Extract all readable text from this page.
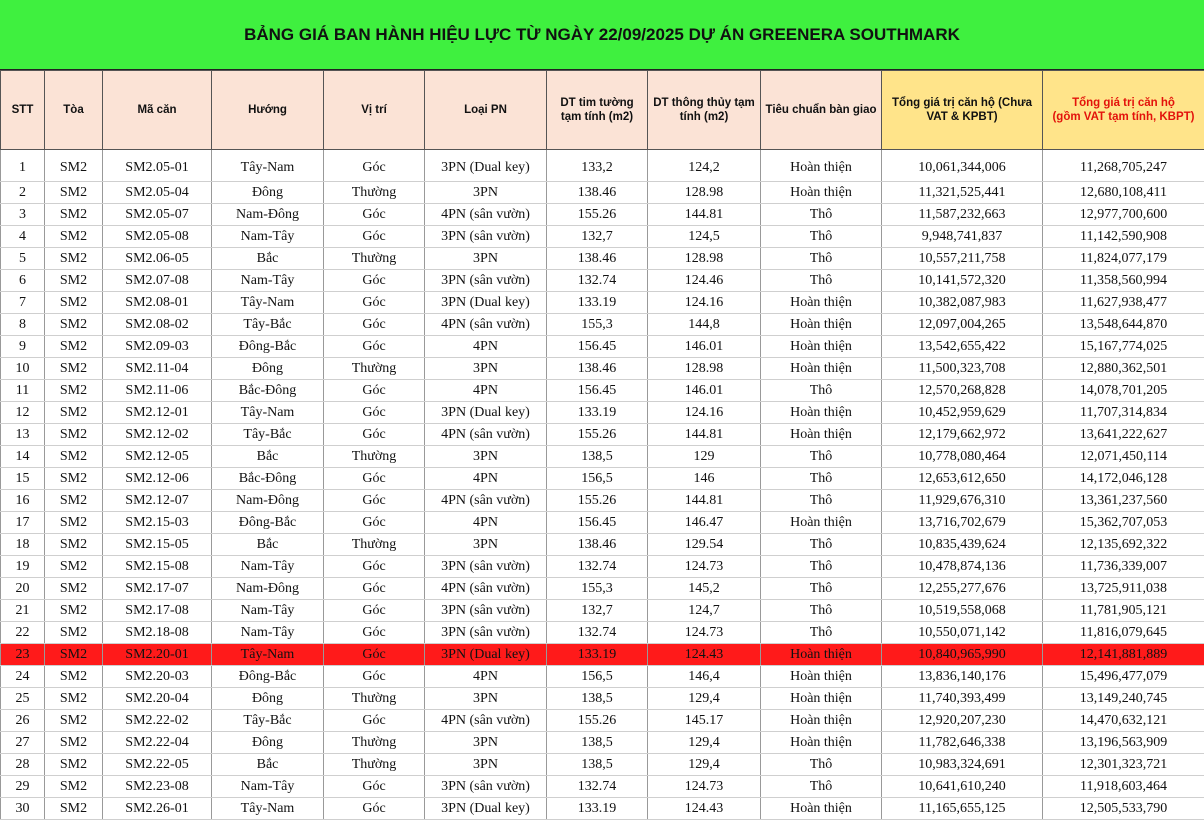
BẢNG GIÁ BAN HÀNH HIỆU LỰC TỪ NGÀY 22/09/2025 DỰ ÁN GREENERA SOUTHMARK
STT	Tòa	Mã căn	Hướng	Vị trí	Loại PN	DT tim tường tạm tính (m2)	DT thông thủy tạm tính (m2)	Tiêu chuẩn bàn giao	Tổng giá trị căn hộ (Chưa VAT & KPBT)	Tổng giá trị căn hộ
(gồm VAT tạm tính, KBPT)

1	SM2	SM2.05-01	Tây-Nam	Góc	3PN (Dual key)	133,2	124,2	Hoàn thiện	10,061,344,006	11,268,705,247
2	SM2	SM2.05-04	Đông	Thường	3PN	138.46	128.98	Hoàn thiện	11,321,525,441	12,680,108,411
3	SM2	SM2.05-07	Nam-Đông	Góc	4PN (sân vườn)	155.26	144.81	Thô	11,587,232,663	12,977,700,600
4	SM2	SM2.05-08	Nam-Tây	Góc	3PN (sân vườn)	132,7	124,5	Thô	9,948,741,837	11,142,590,908
5	SM2	SM2.06-05	Bắc	Thường	3PN	138.46	128.98	Thô	10,557,211,758	11,824,077,179
6	SM2	SM2.07-08	Nam-Tây	Góc	3PN (sân vườn)	132.74	124.46	Thô	10,141,572,320	11,358,560,994
7	SM2	SM2.08-01	Tây-Nam	Góc	3PN (Dual key)	133.19	124.16	Hoàn thiện	10,382,087,983	11,627,938,477
8	SM2	SM2.08-02	Tây-Bắc	Góc	4PN (sân vườn)	155,3	144,8	Hoàn thiện	12,097,004,265	13,548,644,870
9	SM2	SM2.09-03	Đông-Bắc	Góc	4PN	156.45	146.01	Hoàn thiện	13,542,655,422	15,167,774,025
10	SM2	SM2.11-04	Đông	Thường	3PN	138.46	128.98	Hoàn thiện	11,500,323,708	12,880,362,501
11	SM2	SM2.11-06	Bắc-Đông	Góc	4PN	156.45	146.01	Thô	12,570,268,828	14,078,701,205
12	SM2	SM2.12-01	Tây-Nam	Góc	3PN (Dual key)	133.19	124.16	Hoàn thiện	10,452,959,629	11,707,314,834
13	SM2	SM2.12-02	Tây-Bắc	Góc	4PN (sân vườn)	155.26	144.81	Hoàn thiện	12,179,662,972	13,641,222,627
14	SM2	SM2.12-05	Bắc	Thường	3PN	138,5	129	Thô	10,778,080,464	12,071,450,114
15	SM2	SM2.12-06	Bắc-Đông	Góc	4PN	156,5	146	Thô	12,653,612,650	14,172,046,128
16	SM2	SM2.12-07	Nam-Đông	Góc	4PN (sân vườn)	155.26	144.81	Thô	11,929,676,310	13,361,237,560
17	SM2	SM2.15-03	Đông-Bắc	Góc	4PN	156.45	146.47	Hoàn thiện	13,716,702,679	15,362,707,053
18	SM2	SM2.15-05	Bắc	Thường	3PN	138.46	129.54	Thô	10,835,439,624	12,135,692,322
19	SM2	SM2.15-08	Nam-Tây	Góc	3PN (sân vườn)	132.74	124.73	Thô	10,478,874,136	11,736,339,007
20	SM2	SM2.17-07	Nam-Đông	Góc	4PN (sân vườn)	155,3	145,2	Thô	12,255,277,676	13,725,911,038
21	SM2	SM2.17-08	Nam-Tây	Góc	3PN (sân vườn)	132,7	124,7	Thô	10,519,558,068	11,781,905,121
22	SM2	SM2.18-08	Nam-Tây	Góc	3PN (sân vườn)	132.74	124.73	Thô	10,550,071,142	11,816,079,645
23	SM2	SM2.20-01	Tây-Nam	Góc	3PN (Dual key)	133.19	124.43	Hoàn thiện	10,840,965,990	12,141,881,889
24	SM2	SM2.20-03	Đông-Bắc	Góc	4PN	156,5	146,4	Hoàn thiện	13,836,140,176	15,496,477,079
25	SM2	SM2.20-04	Đông	Thường	3PN	138,5	129,4	Hoàn thiện	11,740,393,499	13,149,240,745
26	SM2	SM2.22-02	Tây-Bắc	Góc	4PN (sân vườn)	155.26	145.17	Hoàn thiện	12,920,207,230	14,470,632,121
27	SM2	SM2.22-04	Đông	Thường	3PN	138,5	129,4	Hoàn thiện	11,782,646,338	13,196,563,909
28	SM2	SM2.22-05	Bắc	Thường	3PN	138,5	129,4	Thô	10,983,324,691	12,301,323,721
29	SM2	SM2.23-08	Nam-Tây	Góc	3PN (sân vườn)	132.74	124.73	Thô	10,641,610,240	11,918,603,464
30	SM2	SM2.26-01	Tây-Nam	Góc	3PN (Dual key)	133.19	124.43	Hoàn thiện	11,165,655,125	12,505,533,790
